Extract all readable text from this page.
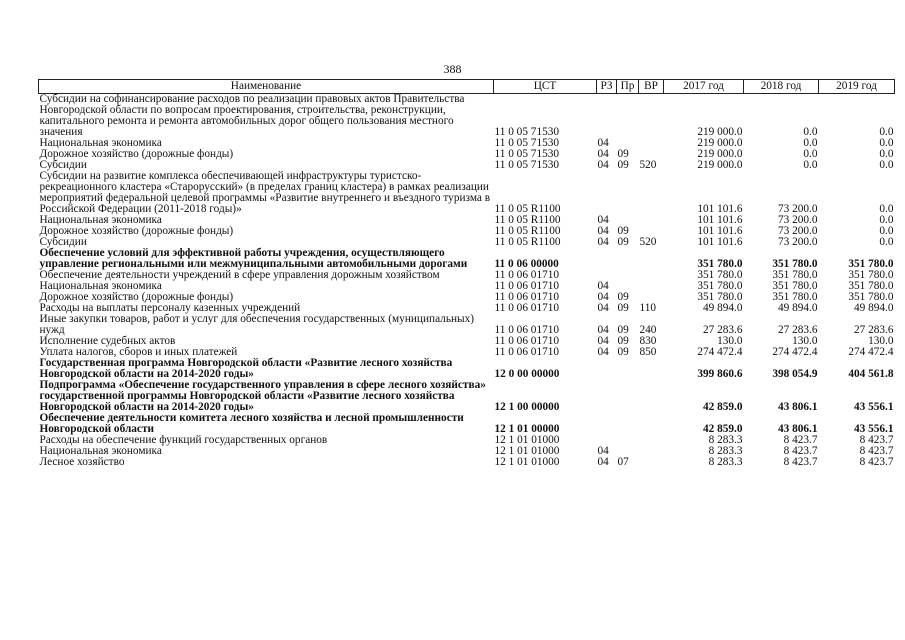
388
Наименование	ЦСТ	РЗ	Пр	ВР	2017 год	2018 год	2019 год
Субсидии на софинансирование расходов по реализации правовых актов Правительства Новгородской области по вопросам проектирования, строительства, реконструкции, капитального ремонта и ремонта автомобильных дорог общего пользования местного значения	11 0 05 71530				219 000.0	0.0	0.0
Национальная экономика	11 0 05 71530	04			219 000.0	0.0	0.0
Дорожное хозяйство (дорожные фонды)	11 0 05 71530	04	09		219 000.0	0.0	0.0
Субсидии	11 0 05 71530	04	09	520	219 000.0	0.0	0.0
Субсидии на развитие комплекса обеспечивающей инфраструктуры туристско-рекреационного кластера «Старорусский» (в пределах границ кластера) в рамках реализации мероприятий федеральной целевой программы «Развитие внутреннего и въездного туризма в Российской Федерации (2011-2018 годы)»	11 0 05 R1100				101 101.6	73 200.0	0.0
Национальная экономика	11 0 05 R1100	04			101 101.6	73 200.0	0.0
Дорожное хозяйство (дорожные фонды)	11 0 05 R1100	04	09		101 101.6	73 200.0	0.0
Субсидии	11 0 05 R1100	04	09	520	101 101.6	73 200.0	0.0
Обеспечение условий для эффективной работы учреждения, осуществляющего управление региональными или межмуниципальными автомобильными дорогами	11 0 06 00000				351 780.0	351 780.0	351 780.0
Обеспечение деятельности учреждений в сфере управления дорожным хозяйством	11 0 06 01710				351 780.0	351 780.0	351 780.0
Национальная экономика	11 0 06 01710	04			351 780.0	351 780.0	351 780.0
Дорожное хозяйство (дорожные фонды)	11 0 06 01710	04	09		351 780.0	351 780.0	351 780.0
Расходы на выплаты персоналу казенных учреждений	11 0 06 01710	04	09	110	49 894.0	49 894.0	49 894.0
Иные закупки товаров, работ и услуг для обеспечения государственных (муниципальных) нужд	11 0 06 01710	04	09	240	27 283.6	27 283.6	27 283.6
Исполнение судебных актов	11 0 06 01710	04	09	830	130.0	130.0	130.0
Уплата налогов, сборов и иных платежей	11 0 06 01710	04	09	850	274 472.4	274 472.4	274 472.4
Государственная программа Новгородской области «Развитие лесного хозяйства Новгородской области на 2014-2020 годы»	12 0 00 00000				399 860.6	398 054.9	404 561.8
Подпрограмма «Обеспечение государственного управления в сфере лесного хозяйства» государственной программы Новгородской области «Развитие лесного хозяйства Новгородской области на 2014-2020 годы»	12 1 00 00000				42 859.0	43 806.1	43 556.1
Обеспечение деятельности комитета лесного хозяйства и лесной промышленности Новгородской области	12 1 01 00000				42 859.0	43 806.1	43 556.1
Расходы на обеспечение функций государственных органов	12 1 01 01000				8 283.3	8 423.7	8 423.7
Национальная экономика	12 1 01 01000	04			8 283.3	8 423.7	8 423.7
Лесное хозяйство	12 1 01 01000	04	07		8 283.3	8 423.7	8 423.7
